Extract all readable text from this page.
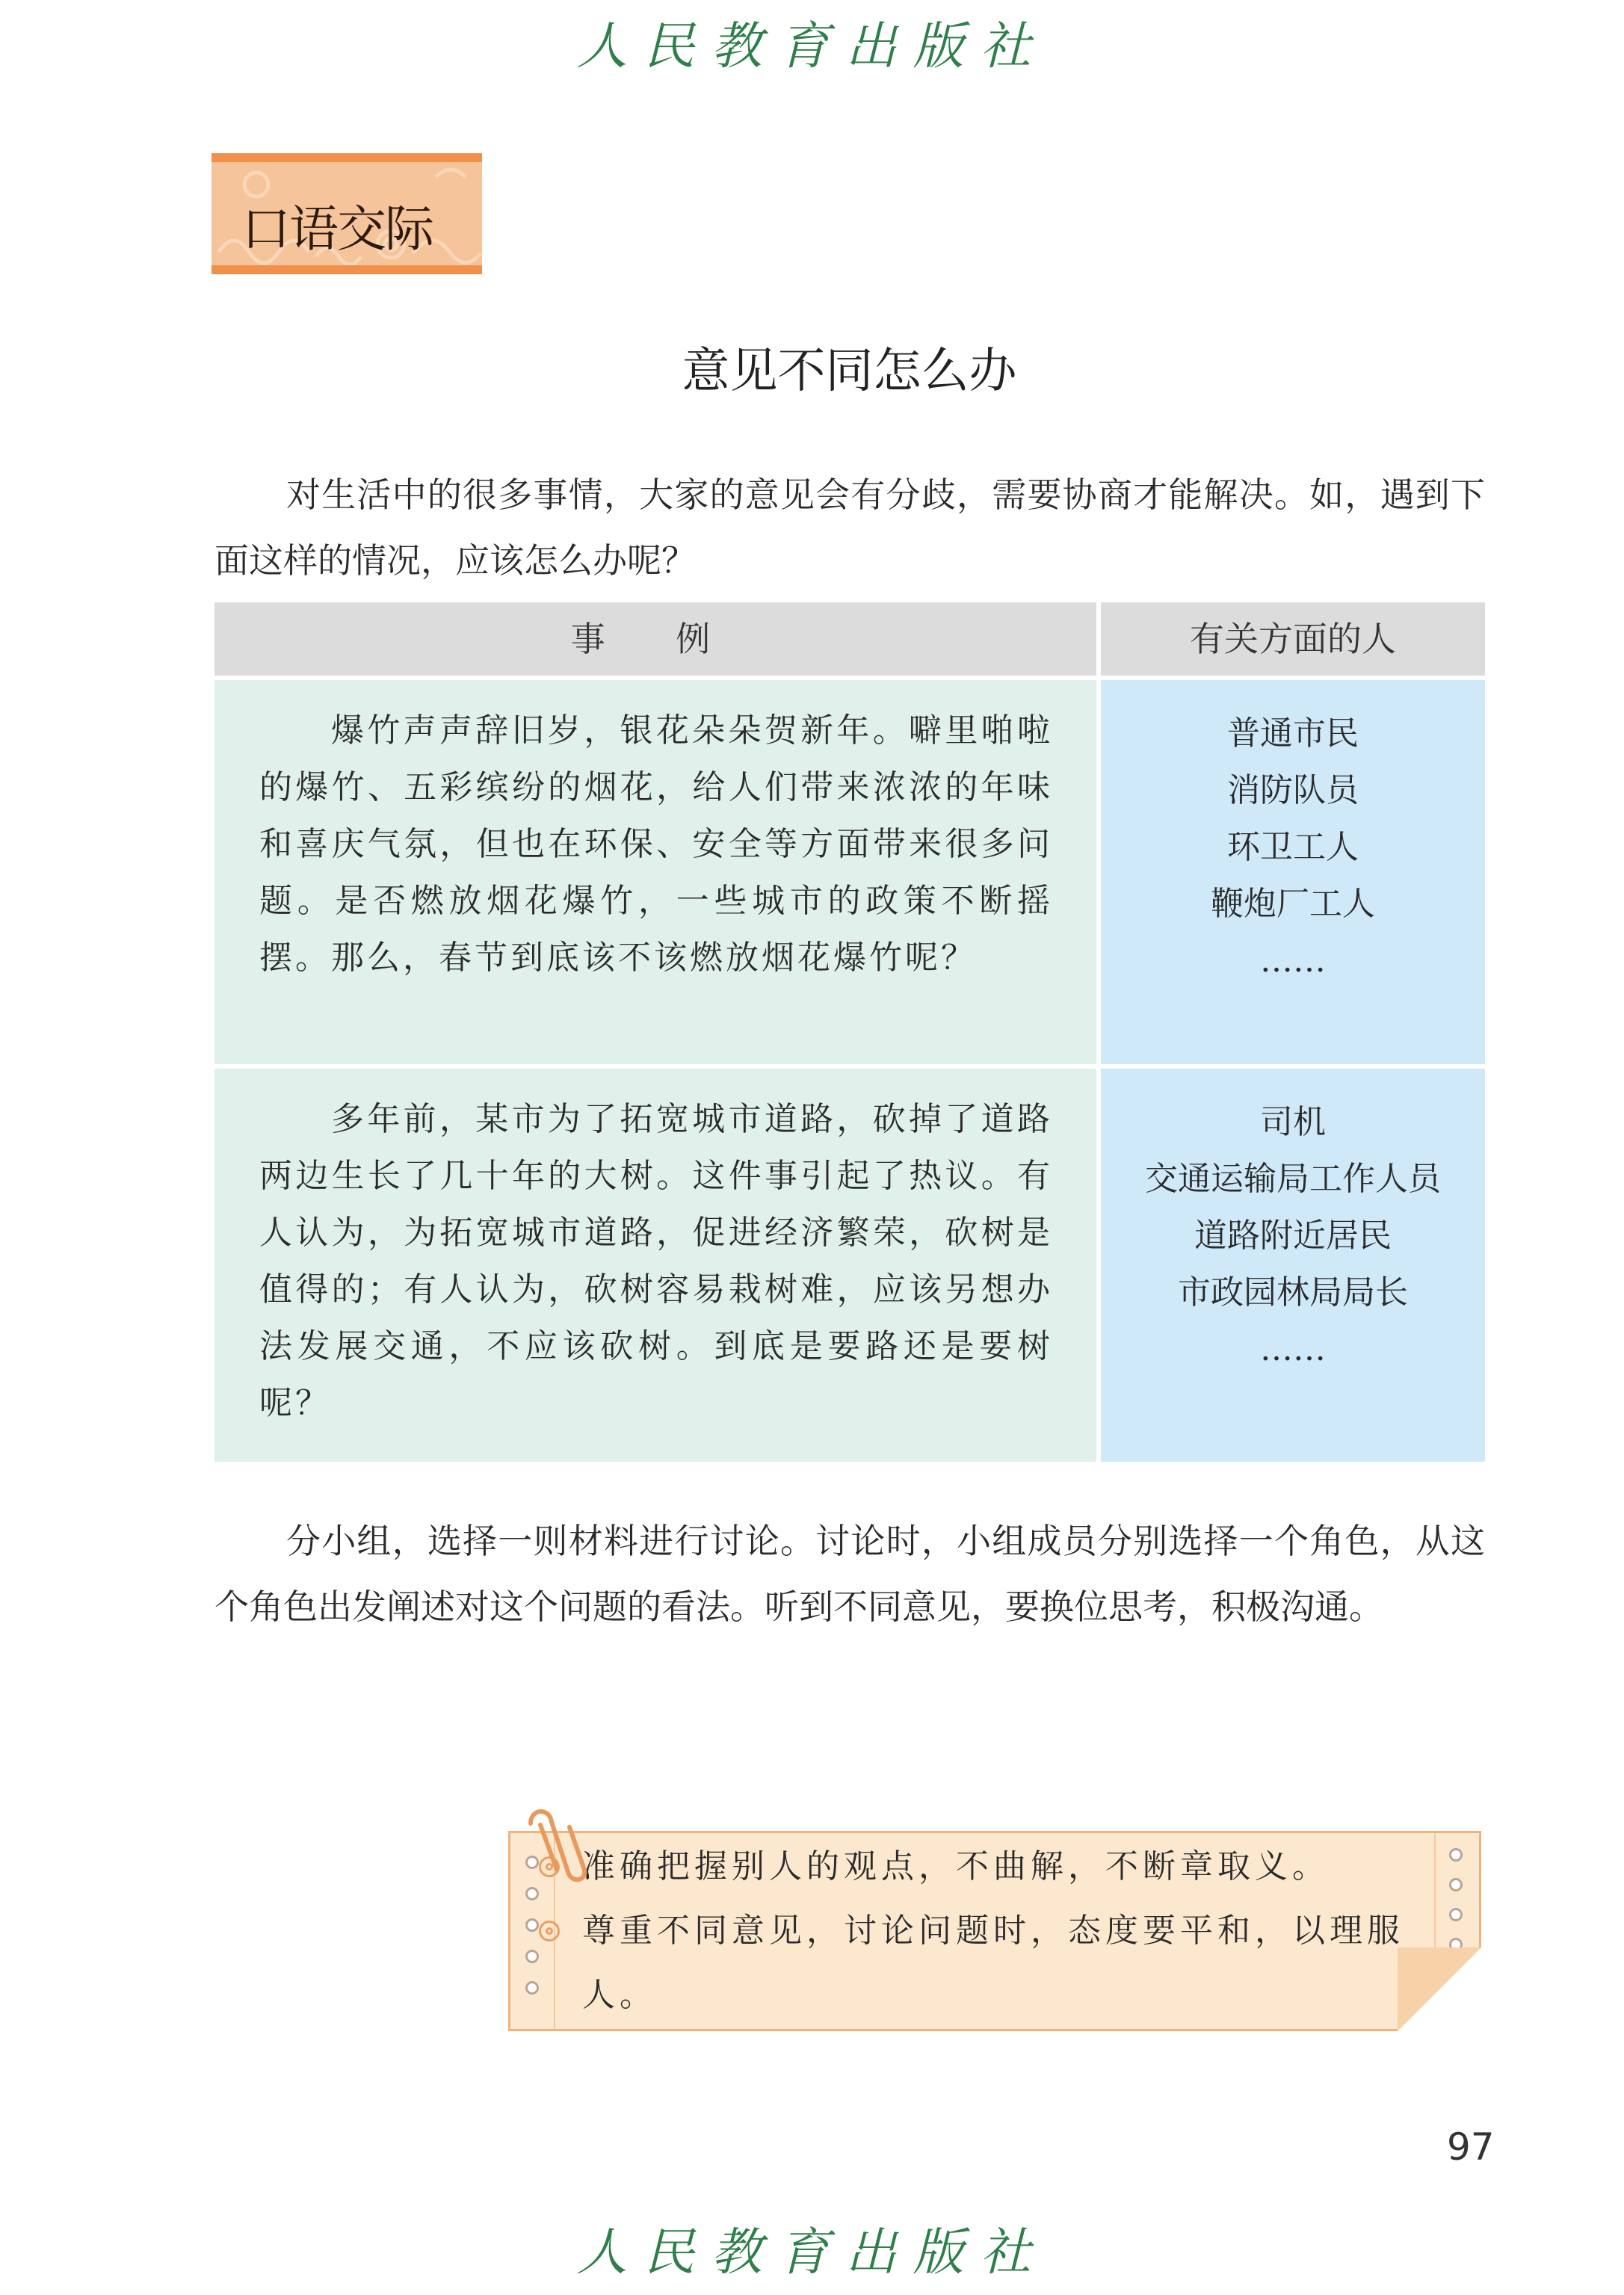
人民教育出版社
口语交际
意见不同怎么办

对生活中的很多事情，大家的意见会有分歧，需要协商才能解决。如，遇到下面这样的情况，应该怎么办呢？

事 例	有关方面的人

爆竹声声辞旧岁，银花朵朵贺新年。噼里啪啦的爆竹、五彩缤纷的烟花，给人们带来浓浓的年味和喜庆气氛，但也在环保、安全等方面带来很多问题。是否燃放烟花爆竹，一些城市的政策不断摇摆。那么，春节到底该不该燃放烟花爆竹呢？

普通市民
消防队员
环卫工人
鞭炮厂工人
……

多年前，某市为了拓宽城市道路，砍掉了道路两边生长了几十年的大树。这件事引起了热议。有人认为，为拓宽城市道路，促进经济繁荣，砍树是值得的；有人认为，砍树容易栽树难，应该另想办法发展交通，不应该砍树。到底是要路还是要树呢？

司机
交通运输局工作人员
道路附近居民
市政园林局局长
……

分小组，选择一则材料进行讨论。讨论时，小组成员分别选择一个角色，从这个角色出发阐述对这个问题的看法。听到不同意见，要换位思考，积极沟通。

准确把握别人的观点，不曲解，不断章取义。
尊重不同意见，讨论问题时，态度要平和，以理服人。
97
人民教育出版社
